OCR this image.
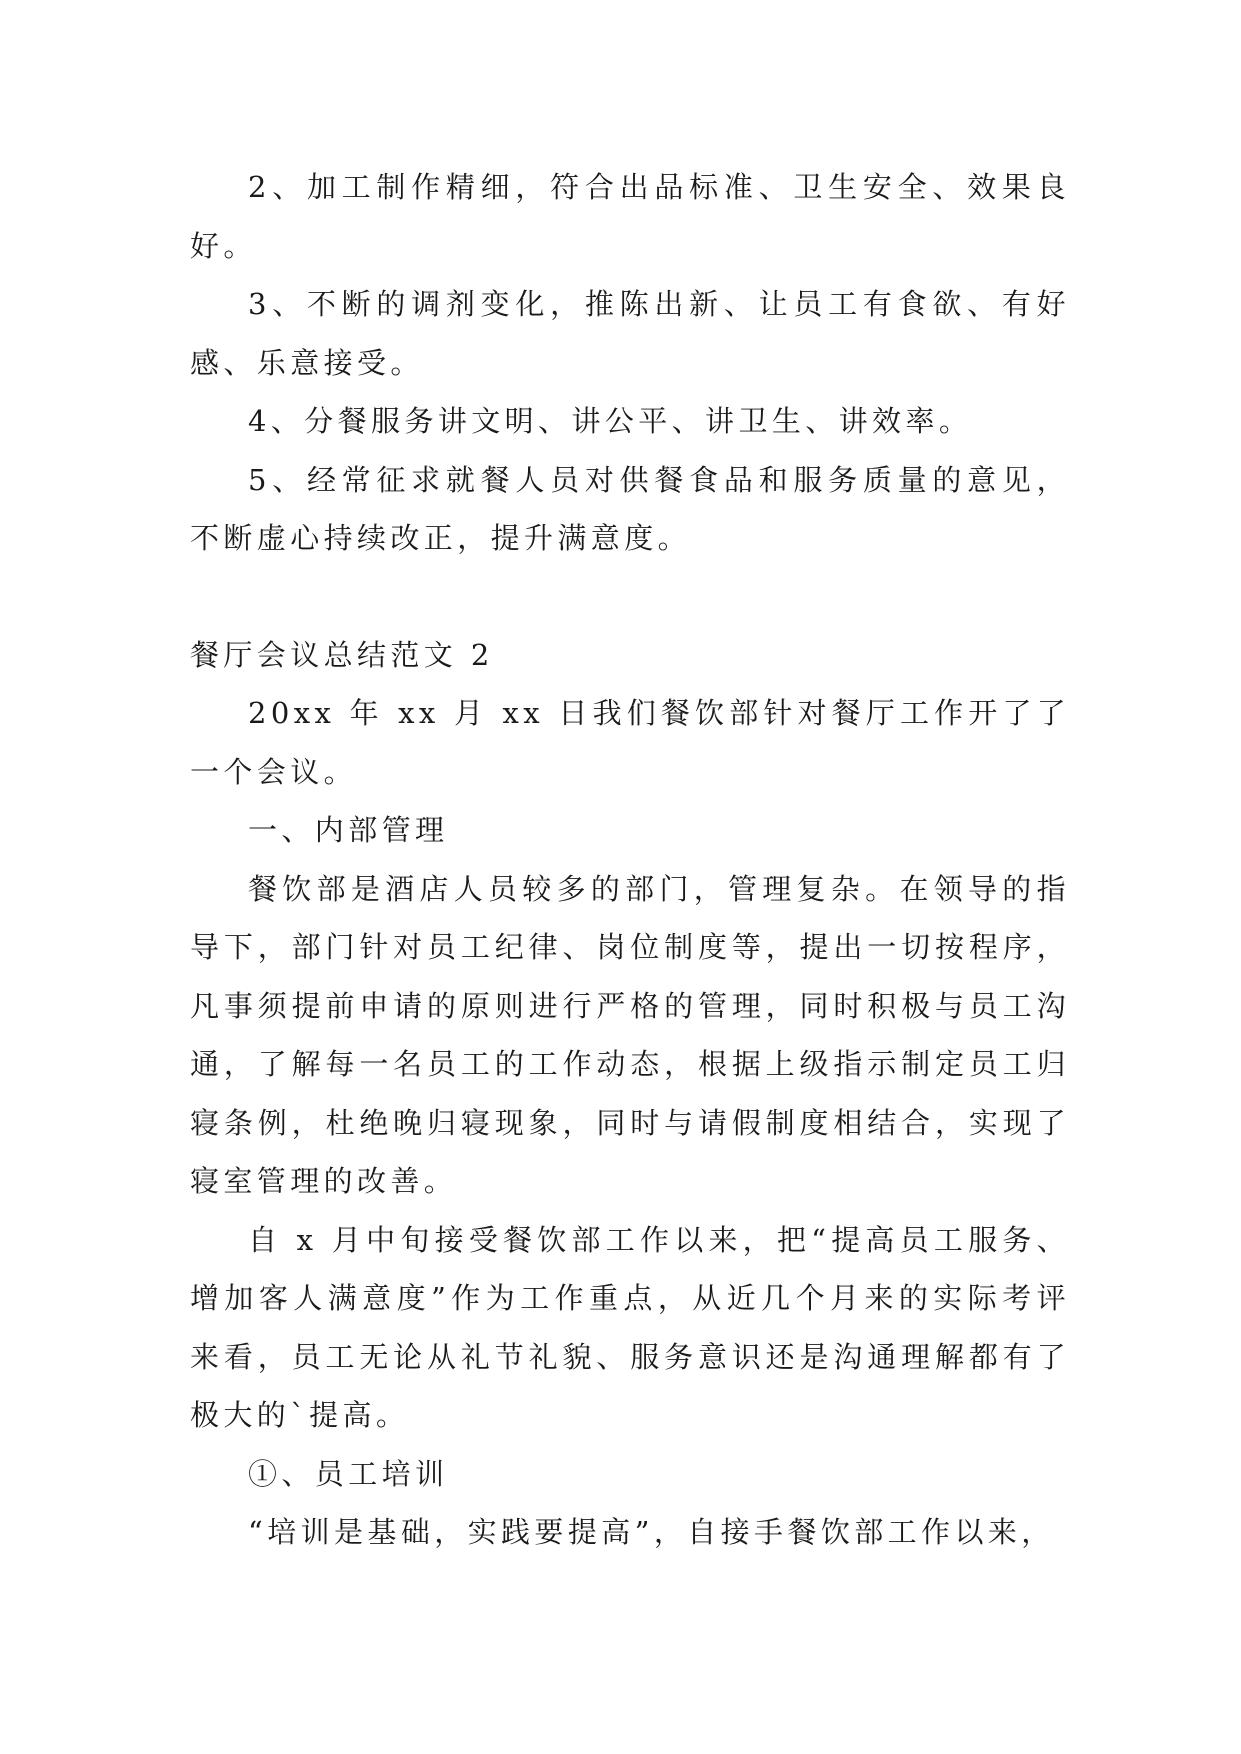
2、加工制作精细，符合出品标准、卫生安全、效果良好。

3、不断的调剂变化，推陈出新、让员工有食欲、有好感、乐意接受。

4、分餐服务讲文明、讲公平、讲卫生、讲效率。

5、经常征求就餐人员对供餐食品和服务质量的意见，不断虚心持续改正，提升满意度。

餐厅会议总结范文 2

20xx 年 xx 月 xx 日我们餐饮部针对餐厅工作开了了一个会议。

一、内部管理

餐饮部是酒店人员较多的部门，管理复杂。在领导的指导下，部门针对员工纪律、岗位制度等，提出一切按程序，凡事须提前申请的原则进行严格的管理，同时积极与员工沟通，了解每一名员工的工作动态，根据上级指示制定员工归寝条例，杜绝晚归寝现象，同时与请假制度相结合，实现了寝室管理的改善。

自 x 月中旬接受餐饮部工作以来，把“提高员工服务、增加客人满意度”作为工作重点，从近几个月来的实际考评来看，员工无论从礼节礼貌、服务意识还是沟通理解都有了极大的`提高。

①、员工培训

“培训是基础，实践要提高”，自接手餐饮部工作以来，
